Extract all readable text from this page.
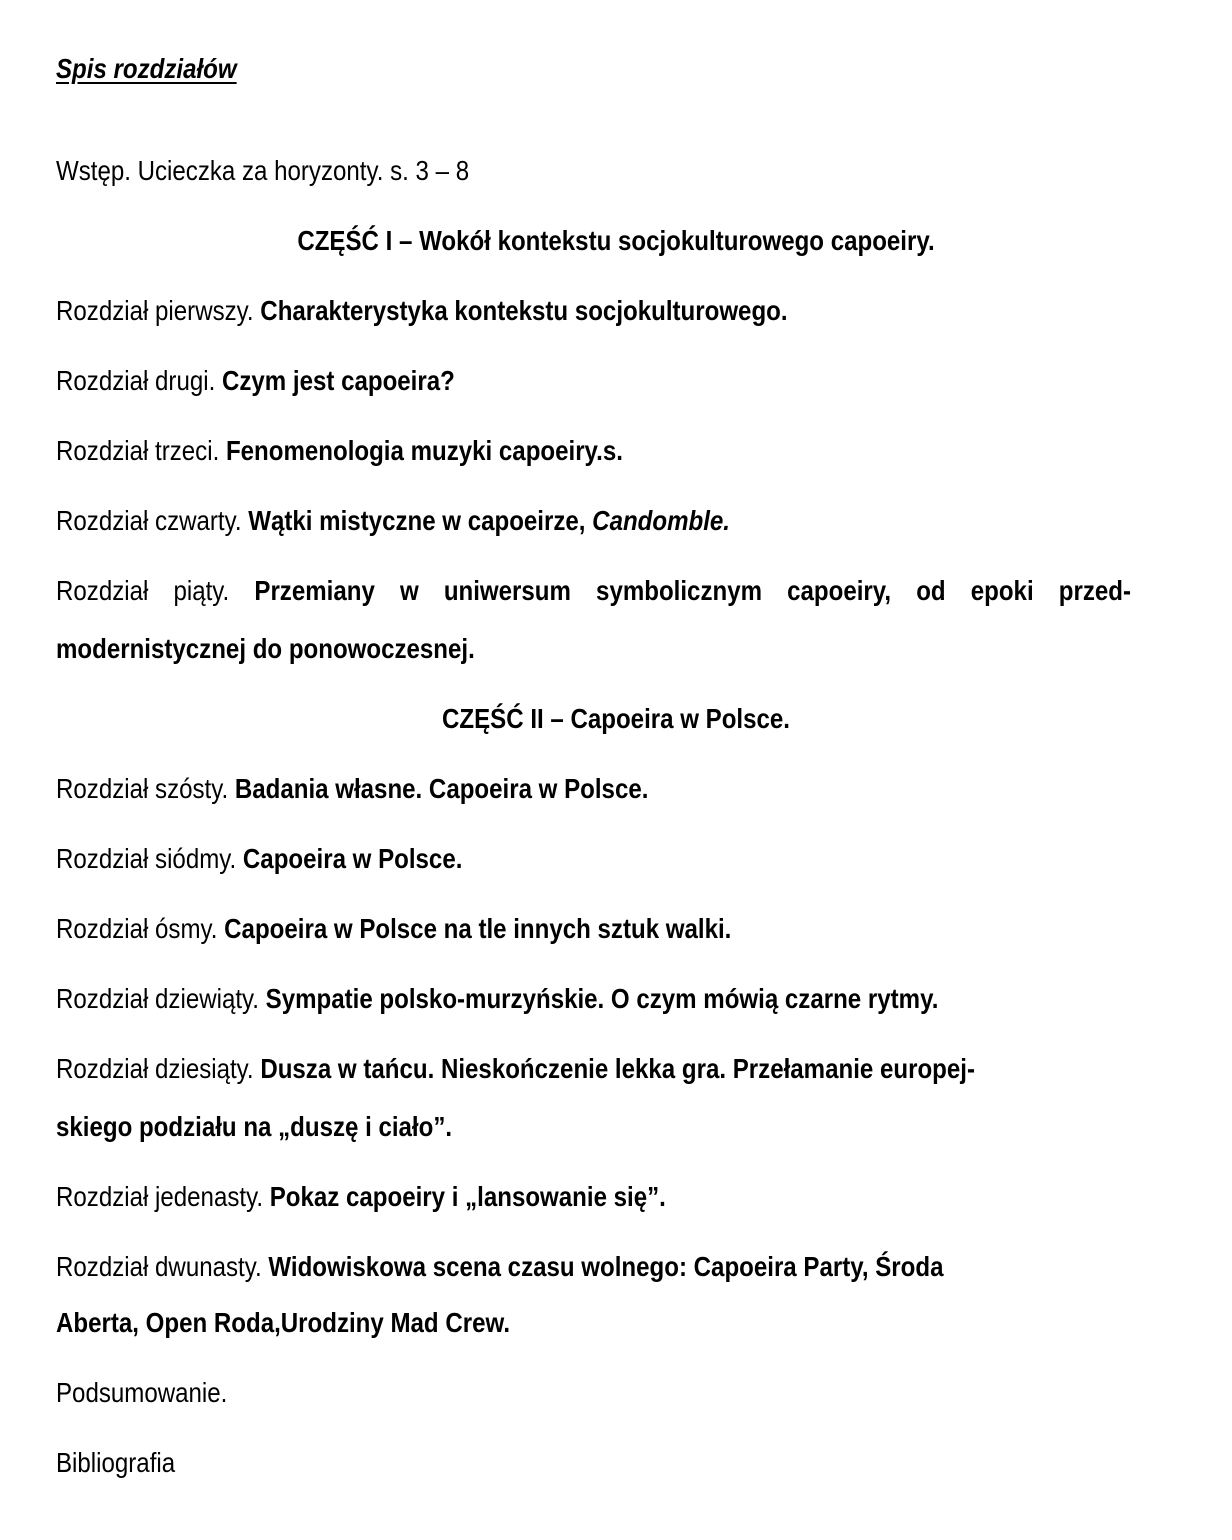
Spis rozdziałów

Wstęp. Ucieczka za horyzonty. s. 3 – 8

CZĘŚĆ I – Wokół kontekstu socjokulturowego capoeiry.

Rozdział pierwszy. Charakterystyka kontekstu socjokulturowego.

Rozdział drugi. Czym jest capoeira?

Rozdział trzeci. Fenomenologia muzyki capoeiry.s.

Rozdział czwarty. Wątki mistyczne w capoeirze, Candomble.

Rozdział piąty. Przemiany w uniwersum symbolicznym capoeiry, od epoki przed-

modernistycznej do ponowoczesnej.

CZĘŚĆ II – Capoeira w Polsce.

Rozdział szósty. Badania własne. Capoeira w Polsce.

Rozdział siódmy. Capoeira w Polsce.

Rozdział ósmy. Capoeira w Polsce na tle innych sztuk walki.

Rozdział dziewiąty. Sympatie polsko-murzyńskie. O czym mówią czarne rytmy.

Rozdział dziesiąty. Dusza w tańcu. Nieskończenie lekka gra. Przełamanie europej-

skiego podziału na „duszę i ciało”.

Rozdział jedenasty. Pokaz capoeiry i „lansowanie się”.

Rozdział dwunasty. Widowiskowa scena czasu wolnego: Capoeira Party, Środa

Aberta, Open Roda,Urodziny Mad Crew.

Podsumowanie.

Bibliografia
